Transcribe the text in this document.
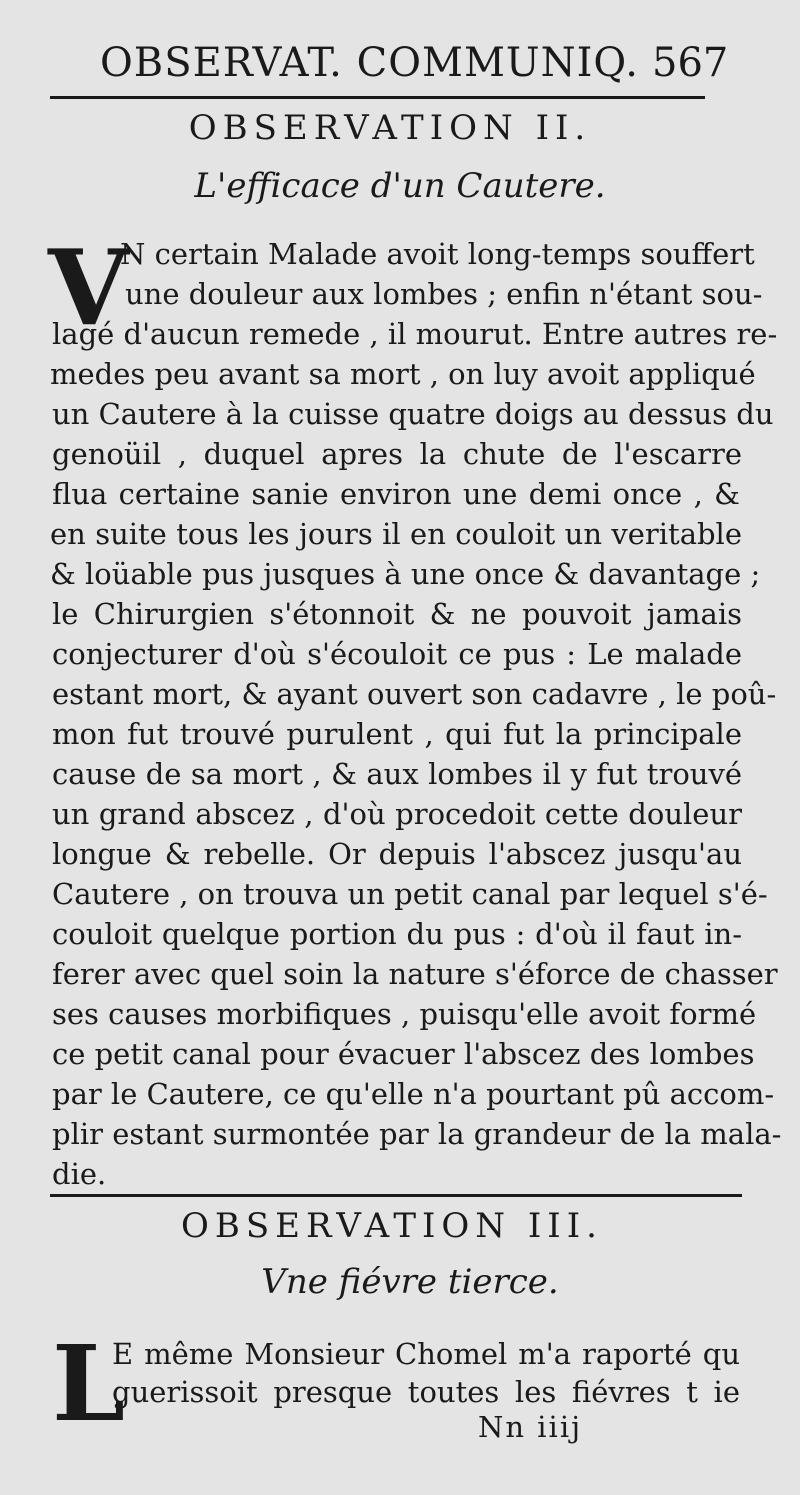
OBSERVAT. COMMUNIQ. 567
OBSERVATION II.
L'efficace d'un Cautere.
V
N certain Malade avoit long-temps souffert
une douleur aux lombes ; enfin n'étant sou-
lagé d'aucun remede , il mourut. Entre autres re-
medes peu avant sa mort , on luy avoit appliqué
un Cautere à la cuisse quatre doigs au dessus du
genoüil , duquel apres la chute de l'escarre
flua certaine sanie environ une demi once , &
en suite tous les jours il en couloit un veritable
& loüable pus jusques à une once & davantage ;
le Chirurgien s'étonnoit & ne pouvoit jamais
conjecturer d'où s'écouloit ce pus : Le malade
estant mort, & ayant ouvert son cadavre , le poû-
mon fut trouvé purulent , qui fut la principale
cause de sa mort , & aux lombes il y fut trouvé
un grand abscez , d'où procedoit cette douleur
longue & rebelle. Or depuis l'abscez jusqu'au
Cautere , on trouva un petit canal par lequel s'é-
couloit quelque portion du pus : d'où il faut in-
ferer avec quel soin la nature s'éforce de chasser
ses causes morbifiques , puisqu'elle avoit formé
ce petit canal pour évacuer l'abscez des lombes
par le Cautere, ce qu'elle n'a pourtant pû accom-
plir estant surmontée par la grandeur de la mala-
die.
OBSERVATION III.
Vne fiévre tierce.
L
E même Monsieur Chomel m'a raporté qu
guerissoit presque toutes les fiévres t ie
Nn iiij
